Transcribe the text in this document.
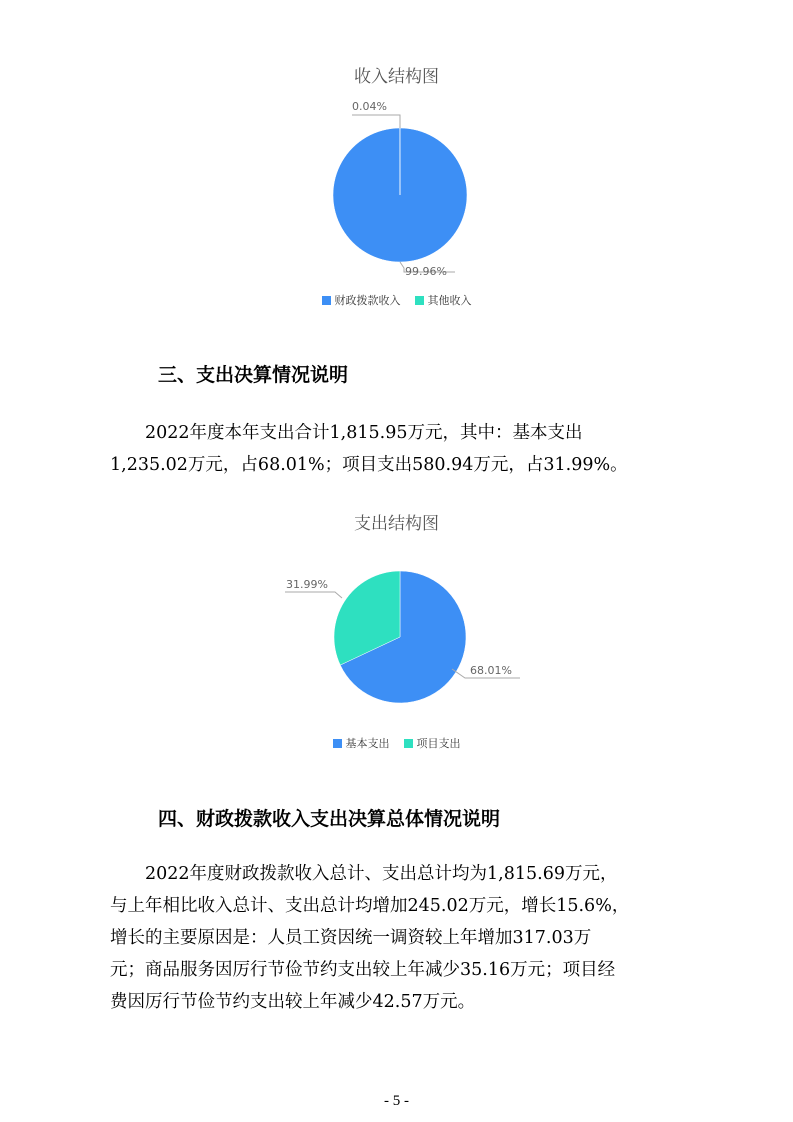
收入结构图
99.96%
0.04%
财政拨款收入 其他收入
三、支出决算情况说明
2022年度本年支出合计1,815.95万元，其中：基本支出
1,235.02万元，占68.01%；项目支出580.94万元，占31.99%。
支出结构图
68.01%
31.99%
基本支出 项目支出
四、财政拨款收入支出决算总体情况说明
2022年度财政拨款收入总计、支出总计均为1,815.69万元，
与上年相比收入总计、支出总计均增加245.02万元，增长15.6%，
增长的主要原因是：人员工资因统一调资较上年增加317.03万
元；商品服务因厉行节俭节约支出较上年减少35.16万元；项目经
费因厉行节俭节约支出较上年减少42.57万元。
- 5 -
